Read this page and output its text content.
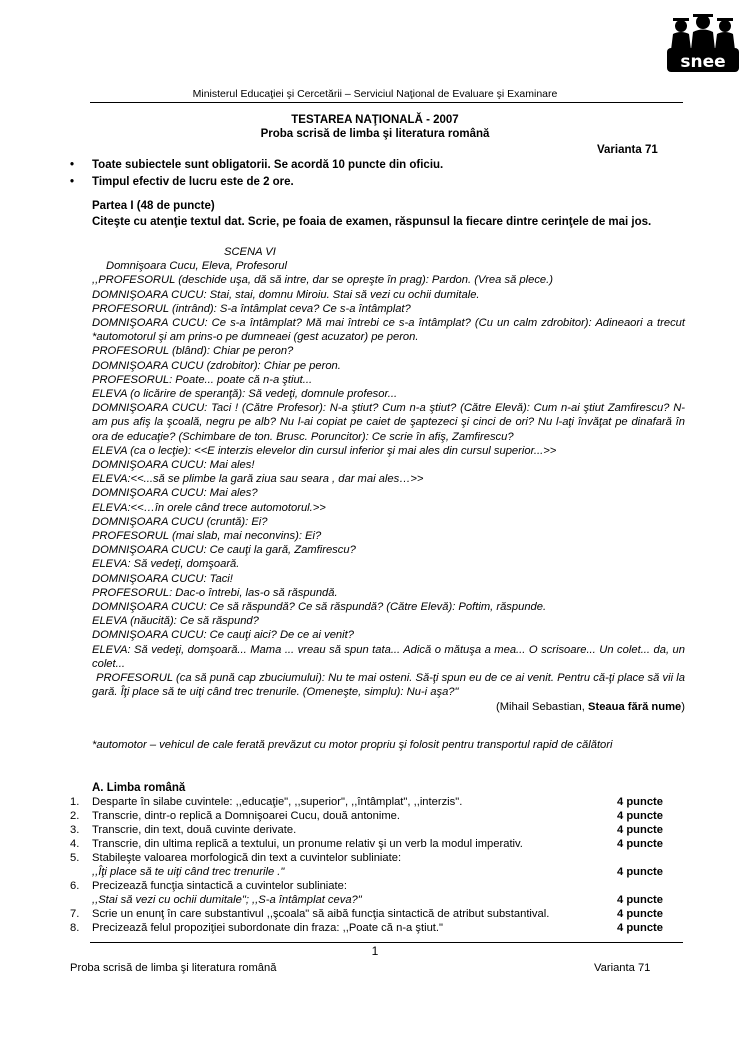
snee
Ministerul Educaţiei şi Cercetării – Serviciul Naţional de Evaluare şi Examinare
TESTAREA NAŢIONALĂ - 2007
Proba scrisă de limba şi literatura română
Varianta 71
•	Toate subiectele sunt obligatorii. Se acordă 10 puncte din oficiu.
•	Timpul efectiv de lucru este de 2 ore.
Partea I (48 de puncte)
Citeşte cu atenţie textul dat. Scrie, pe foaia de examen, răspunsul la fiecare dintre cerinţele de mai jos.

SCENA VI

Domnişoara Cucu, Eleva, Profesorul

,,PROFESORUL (deschide uşa, dă să intre, dar se opreşte în prag): Pardon. (Vrea să plece.)

DOMNIŞOARA CUCU: Stai, stai, domnu Miroiu. Stai să vezi cu ochii dumitale.

PROFESORUL (intrând): S-a întâmplat ceva? Ce s-a întâmplat?

DOMNIŞOARA CUCU: Ce s-a întâmplat? Mă mai întrebi ce s-a întâmplat? (Cu un calm zdrobitor): Adineaori a trecut *automotorul şi am prins-o pe dumneaei (gest acuzator) pe peron.

PROFESORUL (blând): Chiar pe peron?

DOMNIŞOARA CUCU (zdrobitor): Chiar pe peron.

PROFESORUL: Poate... poate că n-a ştiut...

ELEVA (o licărire de speranţă): Să vedeţi, domnule profesor...

DOMNIŞOARA CUCU: Taci ! (Către Profesor): N-a ştiut? Cum n-a ştiut? (Către Elevă): Cum n-ai ştiut Zamfirescu? N-am pus afiş la şcoală, negru pe alb? Nu l-ai copiat pe caiet de şaptezeci şi cinci de ori? Nu l-aţi învăţat pe dinafară în ora de educaţie? (Schimbare de ton. Brusc. Poruncitor): Ce scrie în afiş, Zamfirescu?

ELEVA (ca o lecţie): <<E interzis elevelor din cursul inferior şi mai ales din cursul superior...>>

DOMNIŞOARA CUCU: Mai ales!

ELEVA:<<...să se plimbe la gară ziua sau seara , dar mai ales…>>

DOMNIŞOARA CUCU: Mai ales?

ELEVA:<<…în orele când trece automotorul.>>

DOMNIŞOARA CUCU (cruntă): Ei?

PROFESORUL (mai slab, mai neconvins): Ei?

DOMNIŞOARA CUCU: Ce cauţi la gară, Zamfirescu?

ELEVA: Să vedeţi, domşoară.

DOMNIŞOARA CUCU: Taci!

PROFESORUL: Dac-o întrebi, las-o să răspundă.

DOMNIŞOARA CUCU: Ce să răspundă? Ce să răspundă? (Către Elevă): Poftim, răspunde.

ELEVA (năucită): Ce să răspund?

DOMNIŞOARA CUCU: Ce cauţi aici? De ce ai venit?

ELEVA: Să vedeţi, domşoară... Mama ... vreau să spun tata... Adică o mătuşa a mea... O scrisoare... Un colet... da, un colet...

PROFESORUL (ca să pună cap zbuciumului): Nu te mai osteni. Să-ţi spun eu de ce ai venit. Pentru că-ţi place să vii la gară. Îţi place să te uiţi când trec trenurile. (Omeneşte, simplu): Nu-i aşa?"

(Mihail Sebastian, Steaua fără nume)

*automotor – vehicul de cale ferată prevăzut cu motor propriu şi folosit pentru transportul rapid de călători
A. Limba română
1.	Desparte în silabe cuvintele: ,,educaţie", ,,superior", ,,întâmplat", ,,interzis".	4 puncte
2.	Transcrie, dintr-o replică a Domnişoarei Cucu, două antonime.	4 puncte
3.	Transcrie, din text, două cuvinte derivate.	4 puncte
4.	Transcrie, din ultima replică a textului, un pronume relativ şi un verb la modul imperativ.	4 puncte
5.	Stabileşte valoarea morfologică din text a cuvintelor subliniate:
,,Îţi place să te uiţi când trec trenurile ."	4 puncte
6.	Precizează funcţia sintactică a cuvintelor subliniate:
,,Stai să vezi cu ochii dumitale"; ,,S-a întâmplat ceva?"	4 puncte
7.	Scrie un enunţ în care substantivul ,,şcoala" să aibă funcţia sintactică de atribut substantival.	4 puncte
8.	Precizează felul propoziţiei subordonate din fraza: ,,Poate că n-a ştiut."	4 puncte
1
Proba scrisă de limba şi literatura română	Varianta 71
